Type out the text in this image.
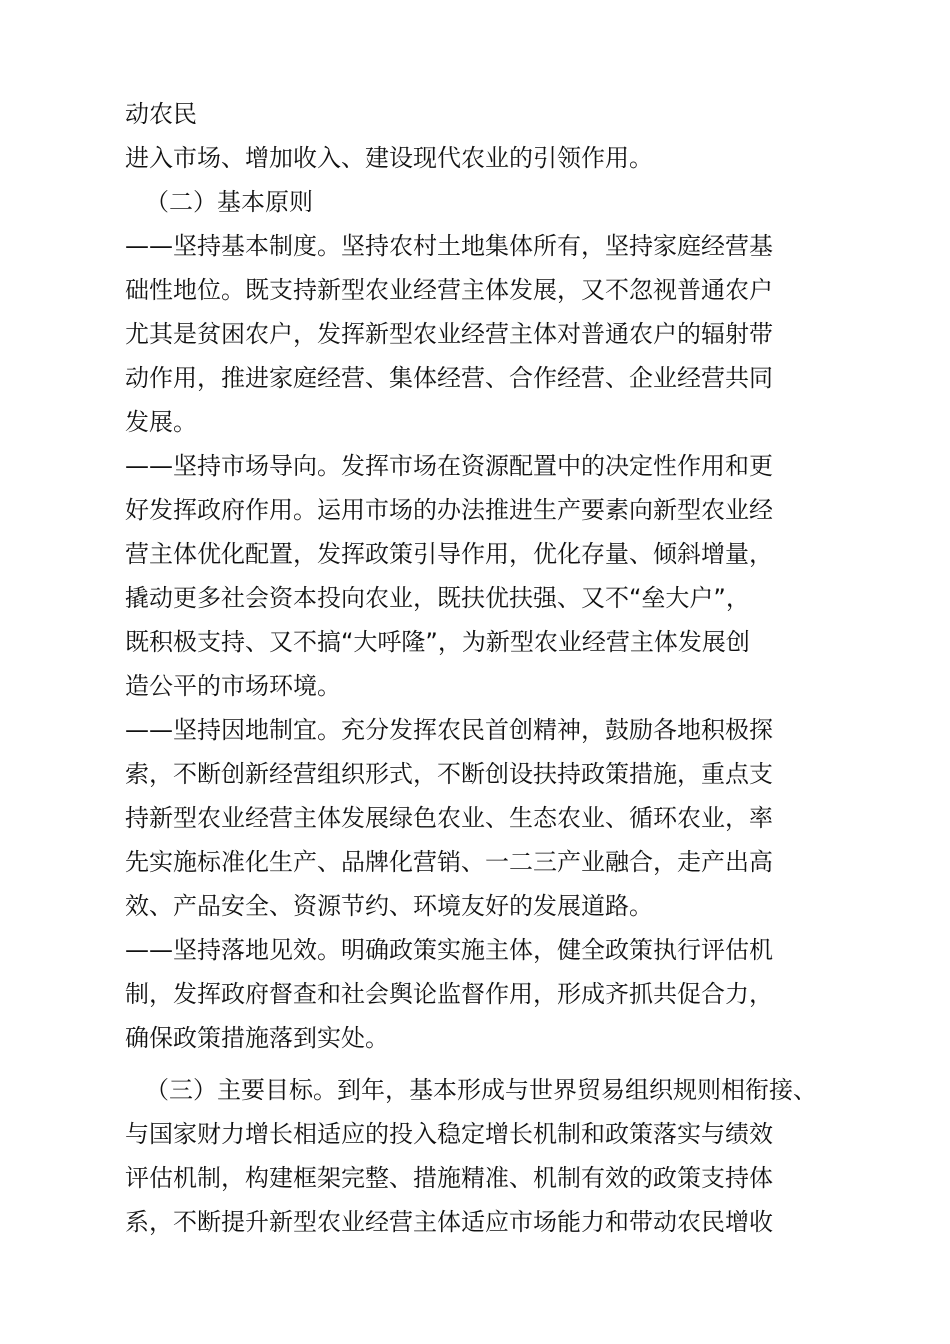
动农民
进入市场、增加收入、建设现代农业的引领作用。
（二）基本原则
——坚持基本制度。坚持农村土地集体所有，坚持家庭经营基
础性地位。既支持新型农业经营主体发展，又不忽视普通农户
尤其是贫困农户，发挥新型农业经营主体对普通农户的辐射带
动作用，推进家庭经营、集体经营、合作经营、企业经营共同
发展。
——坚持市场导向。发挥市场在资源配置中的决定性作用和更
好发挥政府作用。运用市场的办法推进生产要素向新型农业经
营主体优化配置，发挥政策引导作用，优化存量、倾斜增量，
撬动更多社会资本投向农业，既扶优扶强、又不“垒大户”，
既积极支持、又不搞“大呼隆”，为新型农业经营主体发展创
造公平的市场环境。
——坚持因地制宜。充分发挥农民首创精神，鼓励各地积极探
索，不断创新经营组织形式，不断创设扶持政策措施，重点支
持新型农业经营主体发展绿色农业、生态农业、循环农业，率
先实施标准化生产、品牌化营销、一二三产业融合，走产出高
效、产品安全、资源节约、环境友好的发展道路。
——坚持落地见效。明确政策实施主体，健全政策执行评估机
制，发挥政府督查和社会舆论监督作用，形成齐抓共促合力，
确保政策措施落到实处。
（三）主要目标。到年，基本形成与世界贸易组织规则相衔接、
与国家财力增长相适应的投入稳定增长机制和政策落实与绩效
评估机制，构建框架完整、措施精准、机制有效的政策支持体
系，不断提升新型农业经营主体适应市场能力和带动农民增收
